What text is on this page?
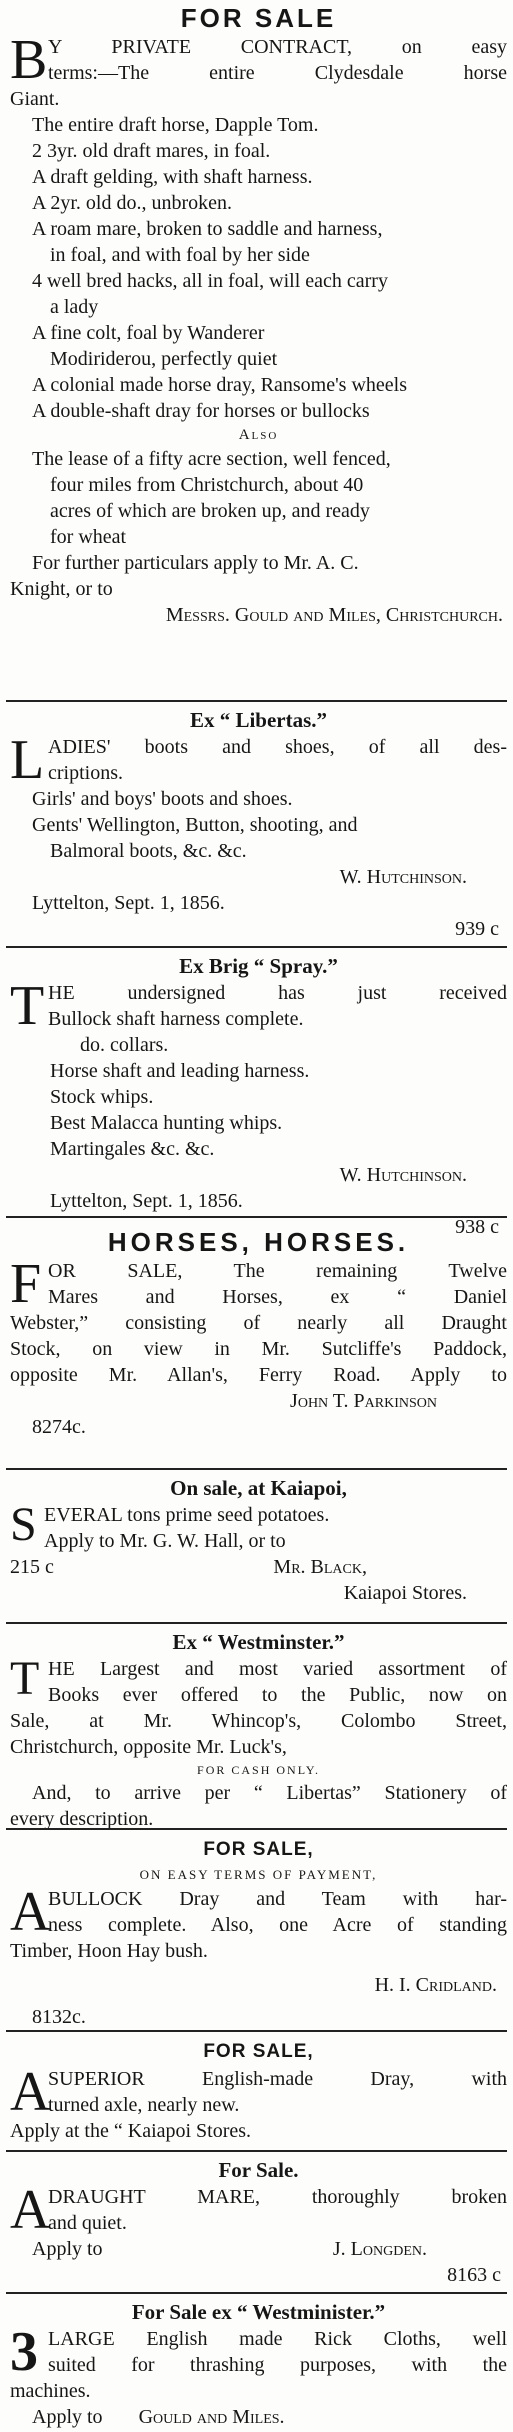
FOR SALE

B Y PRIVATE CONTRACT, on easy

terms:—The entire Clydesdale horse

Giant.

The entire draft horse, Dapple Tom.

2 3yr. old draft mares, in foal.

A draft gelding, with shaft harness.

A 2yr. old do., unbroken.

A roam mare, broken to saddle and harness,

in foal, and with foal by her side

4 well bred hacks, all in foal, will each carry

a lady

A fine colt, foal by Wanderer

Modiriderou, perfectly quiet

A colonial made horse dray, Ransome's wheels

A double-shaft dray for horses or bullocks

Also

The lease of a fifty acre section, well fenced,

four miles from Christchurch, about 40

acres of which are broken up, and ready

for wheat

For further particulars apply to Mr. A. C.

Knight, or to

Messrs. Gould and Miles, Christchurch.

Ex “ Libertas.”

L ADIES' boots and shoes, of all des-

criptions.

Girls' and boys' boots and shoes.

Gents' Wellington, Button, shooting, and

Balmoral boots, &c. &c.

W. Hutchinson.

Lyttelton, Sept. 1, 1856.

939 c

Ex Brig “ Spray.”

T HE undersigned has just received

Bullock shaft harness complete.

do. collars.

Horse shaft and leading harness.

Stock whips.

Best Malacca hunting whips.

Martingales &c. &c.

W. Hutchinson.

Lyttelton, Sept. 1, 1856.

938 c

HORSES, HORSES.

F OR SALE, The remaining Twelve

Mares and Horses, ex “ Daniel

Webster,” consisting of nearly all Draught

Stock, on view in Mr. Sutcliffe's Paddock,

opposite Mr. Allan's, Ferry Road. Apply to

John T. Parkinson

8274c.

On sale, at Kaiapoi,

S EVERAL tons prime seed potatoes.

Apply to Mr. G. W. Hall, or to

215 c	Mr. Black,

Kaiapoi Stores.

Ex “ Westminster.”

T HE Largest and most varied assortment of

Books ever offered to the Public, now on

Sale, at Mr. Whincop's, Colombo Street,

Christchurch, opposite Mr. Luck's,

FOR CASH ONLY.

And, to arrive per “ Libertas” Stationery of

every description.

FOR SALE,

ON EASY TERMS OF PAYMENT,

A

BULLOCK Dray and Team with har-

ness complete. Also, one Acre of standing

Timber, Hoon Hay bush.

H. I. Cridland.

8132c.

FOR SALE,

A

SUPERIOR English-made Dray, with

turned axle, nearly new.

Apply at the “ Kaiapoi Stores.

For Sale.

A

DRAUGHT MARE, thoroughly broken

and quiet.

Apply to	J. Longden.

8163 c

For Sale ex “ Westminister.”

3 LARGE English made Rick Cloths, well

suited for thrashing purposes, with the

machines.

Apply to Gould and Miles.
